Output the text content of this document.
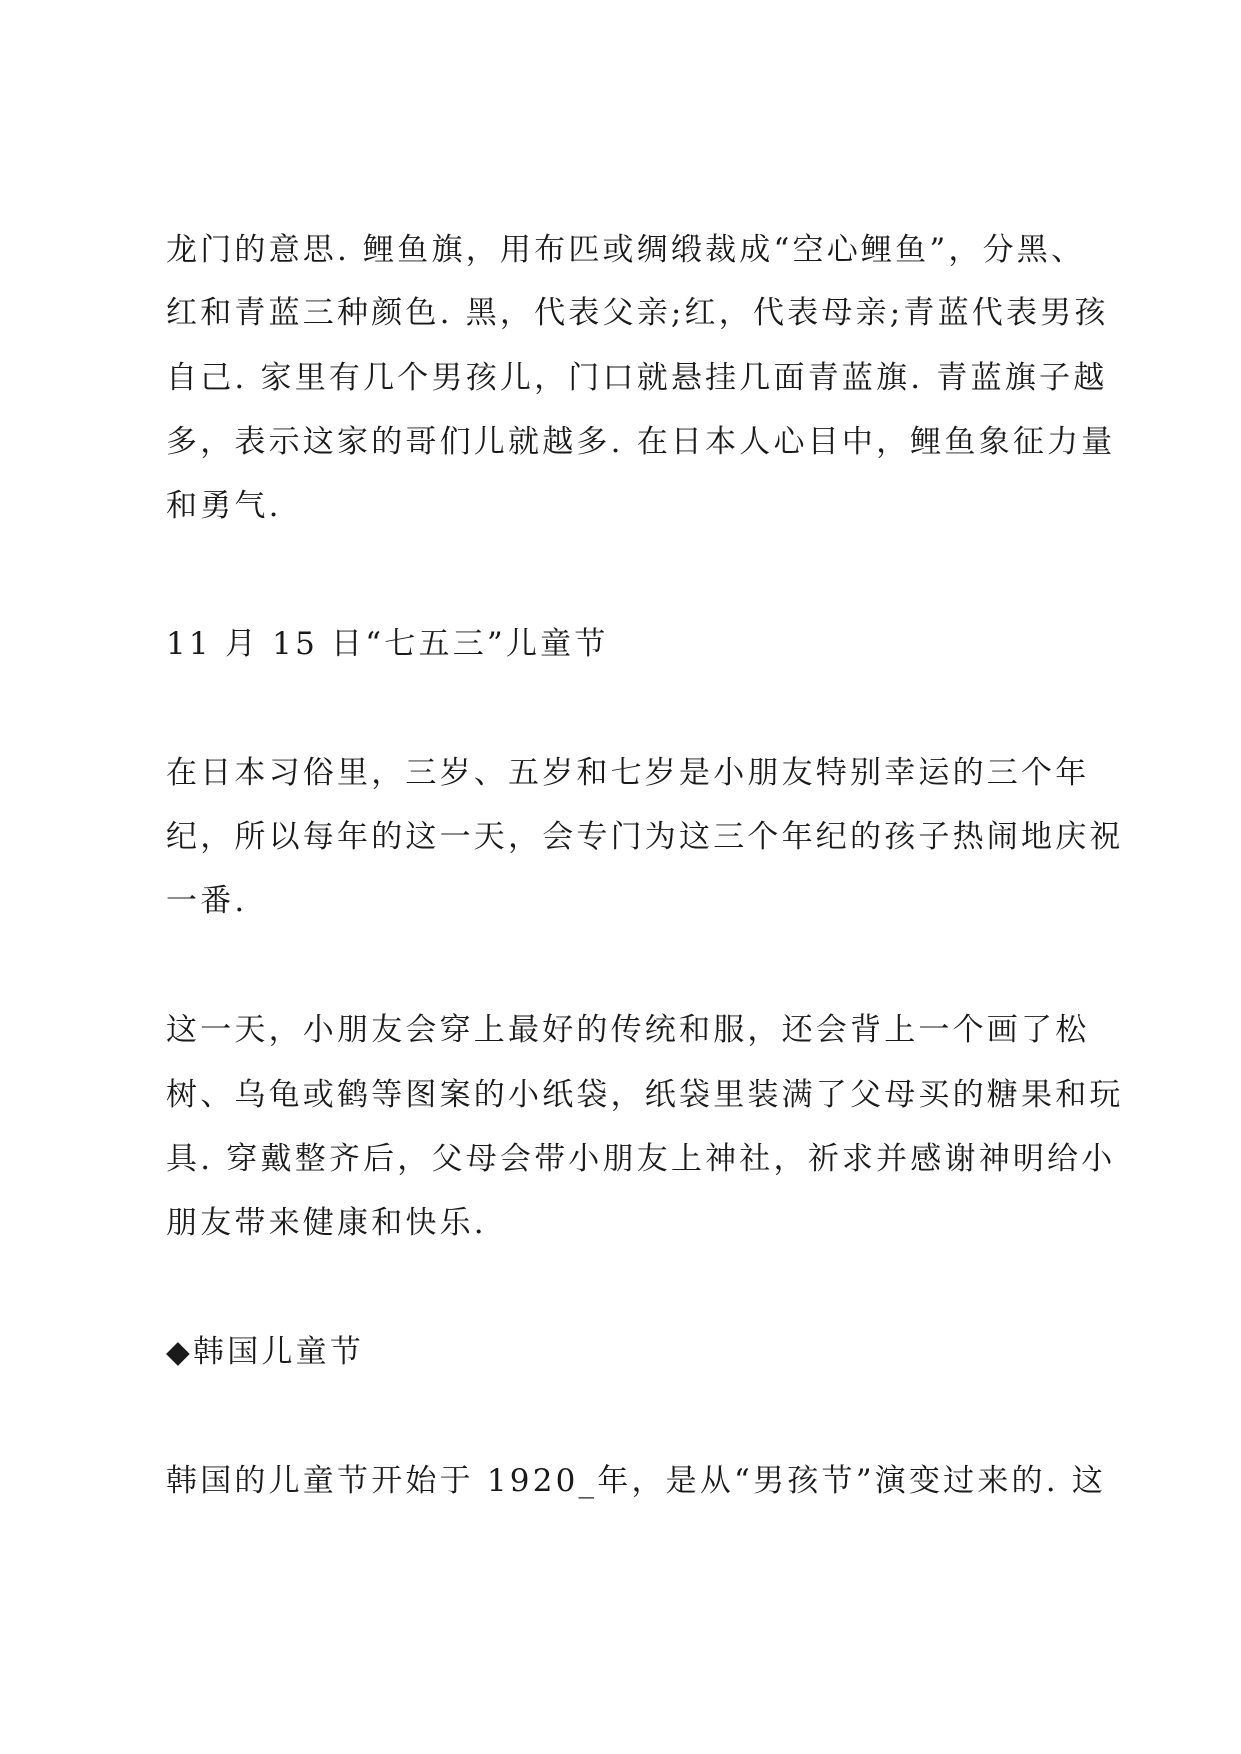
龙门的意思. 鲤鱼旗，用布匹或绸缎裁成“空心鲤鱼”，分黑、
红和青蓝三种颜色. 黑，代表父亲;红，代表母亲;青蓝代表男孩
自己. 家里有几个男孩儿，门口就悬挂几面青蓝旗. 青蓝旗子越
多，表示这家的哥们儿就越多. 在日本人心目中，鲤鱼象征力量
和勇气.
11 月 15 日“七五三”儿童节
在日本习俗里，三岁、五岁和七岁是小朋友特别幸运的三个年
纪，所以每年的这一天，会专门为这三个年纪的孩子热闹地庆祝
一番.
这一天，小朋友会穿上最好的传统和服，还会背上一个画了松
树、乌龟或鹤等图案的小纸袋，纸袋里装满了父母买的糖果和玩
具. 穿戴整齐后，父母会带小朋友上神社，祈求并感谢神明给小
朋友带来健康和快乐.
◆韩国儿童节
韩国的儿童节开始于 1920_年，是从“男孩节”演变过来的. 这
